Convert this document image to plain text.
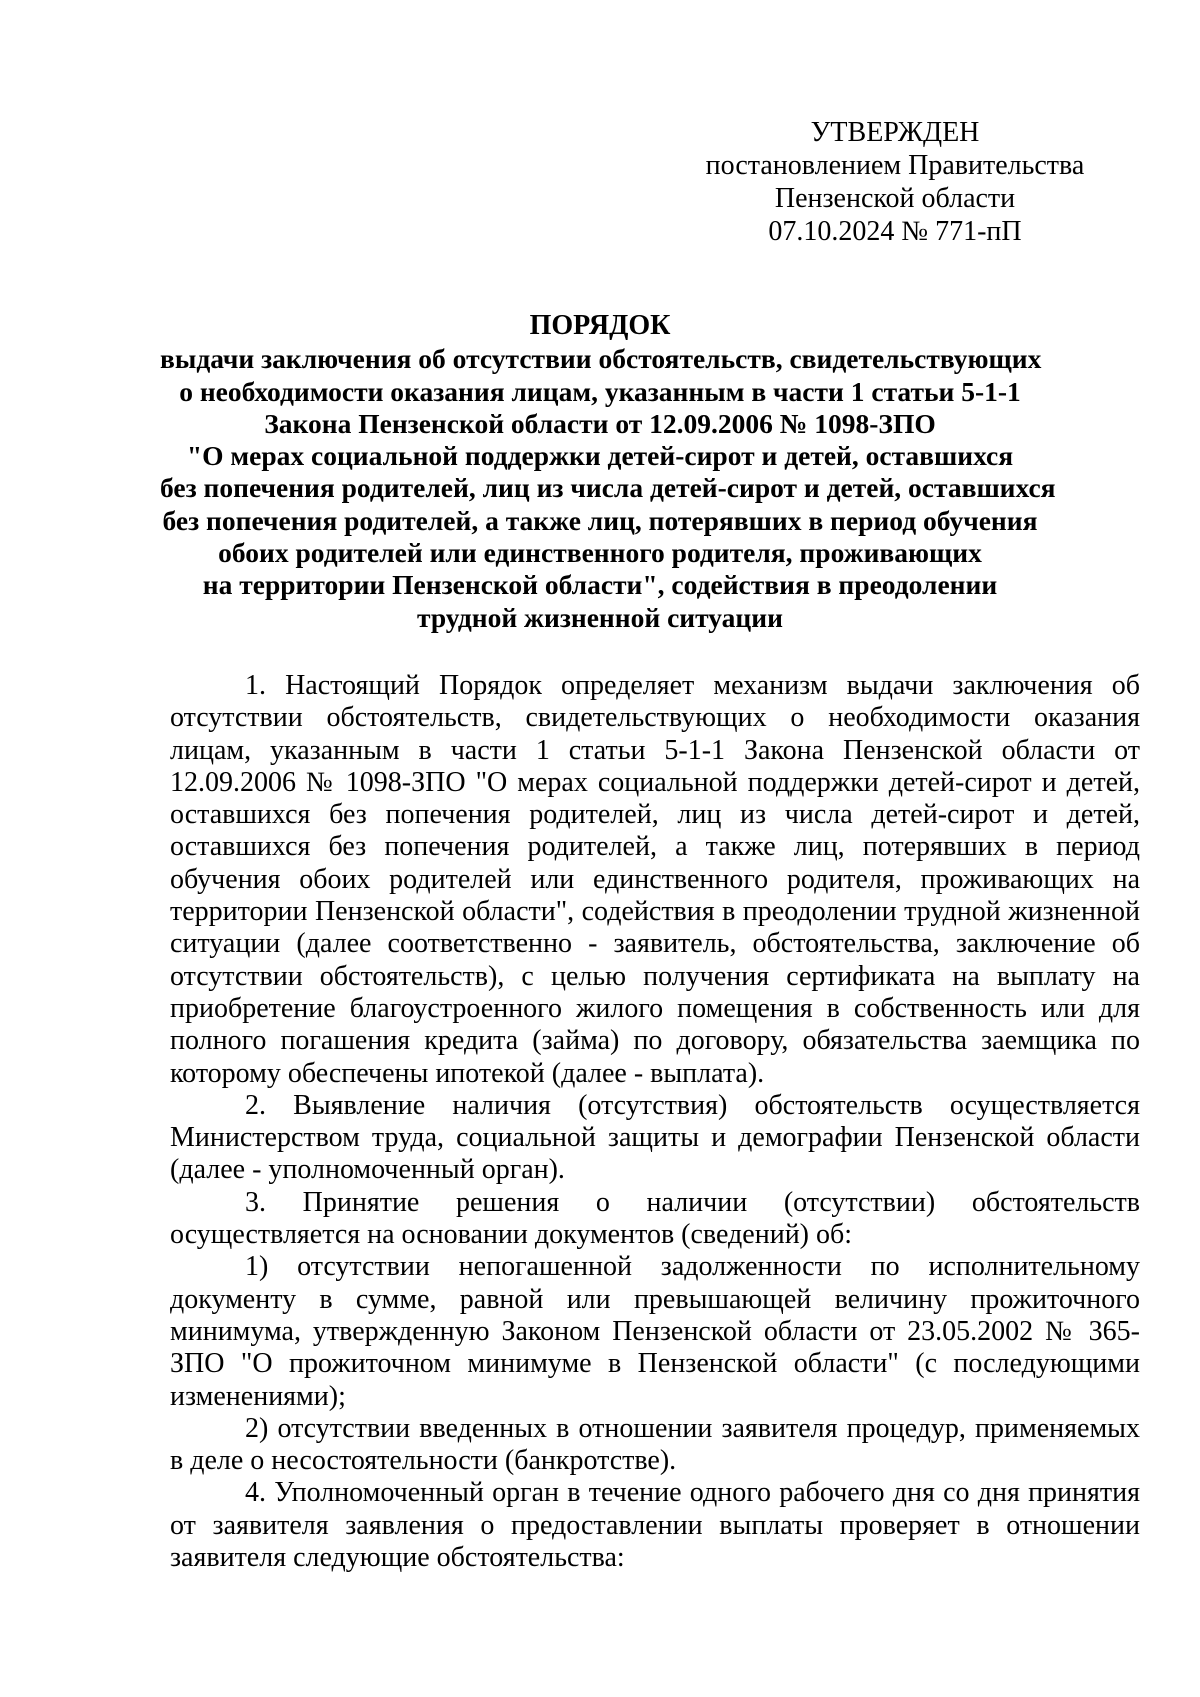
УТВЕРЖДЕН
постановлением Правительства
Пензенской области
07.10.2024 № 771-пП
ПОРЯДОК
выдачи заключения об отсутствии обстоятельств, свидетельствующих
о необходимости оказания лицам, указанным в части 1 статьи 5-1-1
Закона Пензенской области от 12.09.2006 № 1098-ЗПО
"О мерах социальной поддержки детей-сирот и детей, оставшихся
без попечения родителей, лиц из числа детей-сирот и детей, оставшихся
без попечения родителей, а также лиц, потерявших в период обучения
обоих родителей или единственного родителя, проживающих
на территории Пензенской области", содействия в преодолении
трудной жизненной ситуации

1. Настоящий Порядок определяет механизм выдачи заключения об отсутствии обстоятельств, свидетельствующих о необходимости оказания лицам, указанным в части 1 статьи 5-1-1 Закона Пензенской области от 12.09.2006 № 1098-ЗПО "О мерах социальной поддержки детей-сирот и детей, оставшихся без попечения родителей, лиц из числа детей-сирот и детей, оставшихся без попечения родителей, а также лиц, потерявших в период обучения обоих родителей или единственного родителя, проживающих на территории Пензенской области", содействия в преодолении трудной жизненной ситуации (далее соответственно - заявитель, обстоятельства, заключение об отсутствии обстоятельств), с целью получения сертификата на выплату на приобретение благоустроенного жилого помещения в собственность или для полного погашения кредита (займа) по договору, обязательства заемщика по которому обеспечены ипотекой (далее - выплата).

2. Выявление наличия (отсутствия) обстоятельств осуществляется Министерством труда, социальной защиты и демографии Пензенской области (далее - уполномоченный орган).

3. Принятие решения о наличии (отсутствии) обстоятельств осуществляется на основании документов (сведений) об:

1) отсутствии непогашенной задолженности по исполнительному документу в сумме, равной или превышающей величину прожиточного минимума, утвержденную Законом Пензенской области от 23.05.2002 № 365-ЗПО "О прожиточном минимуме в Пензенской области" (с последующими изменениями);

2) отсутствии введенных в отношении заявителя процедур, применяемых в деле о несостоятельности (банкротстве).

4. Уполномоченный орган в течение одного рабочего дня со дня принятия от заявителя заявления о предоставлении выплаты проверяет в отношении заявителя следующие обстоятельства:
